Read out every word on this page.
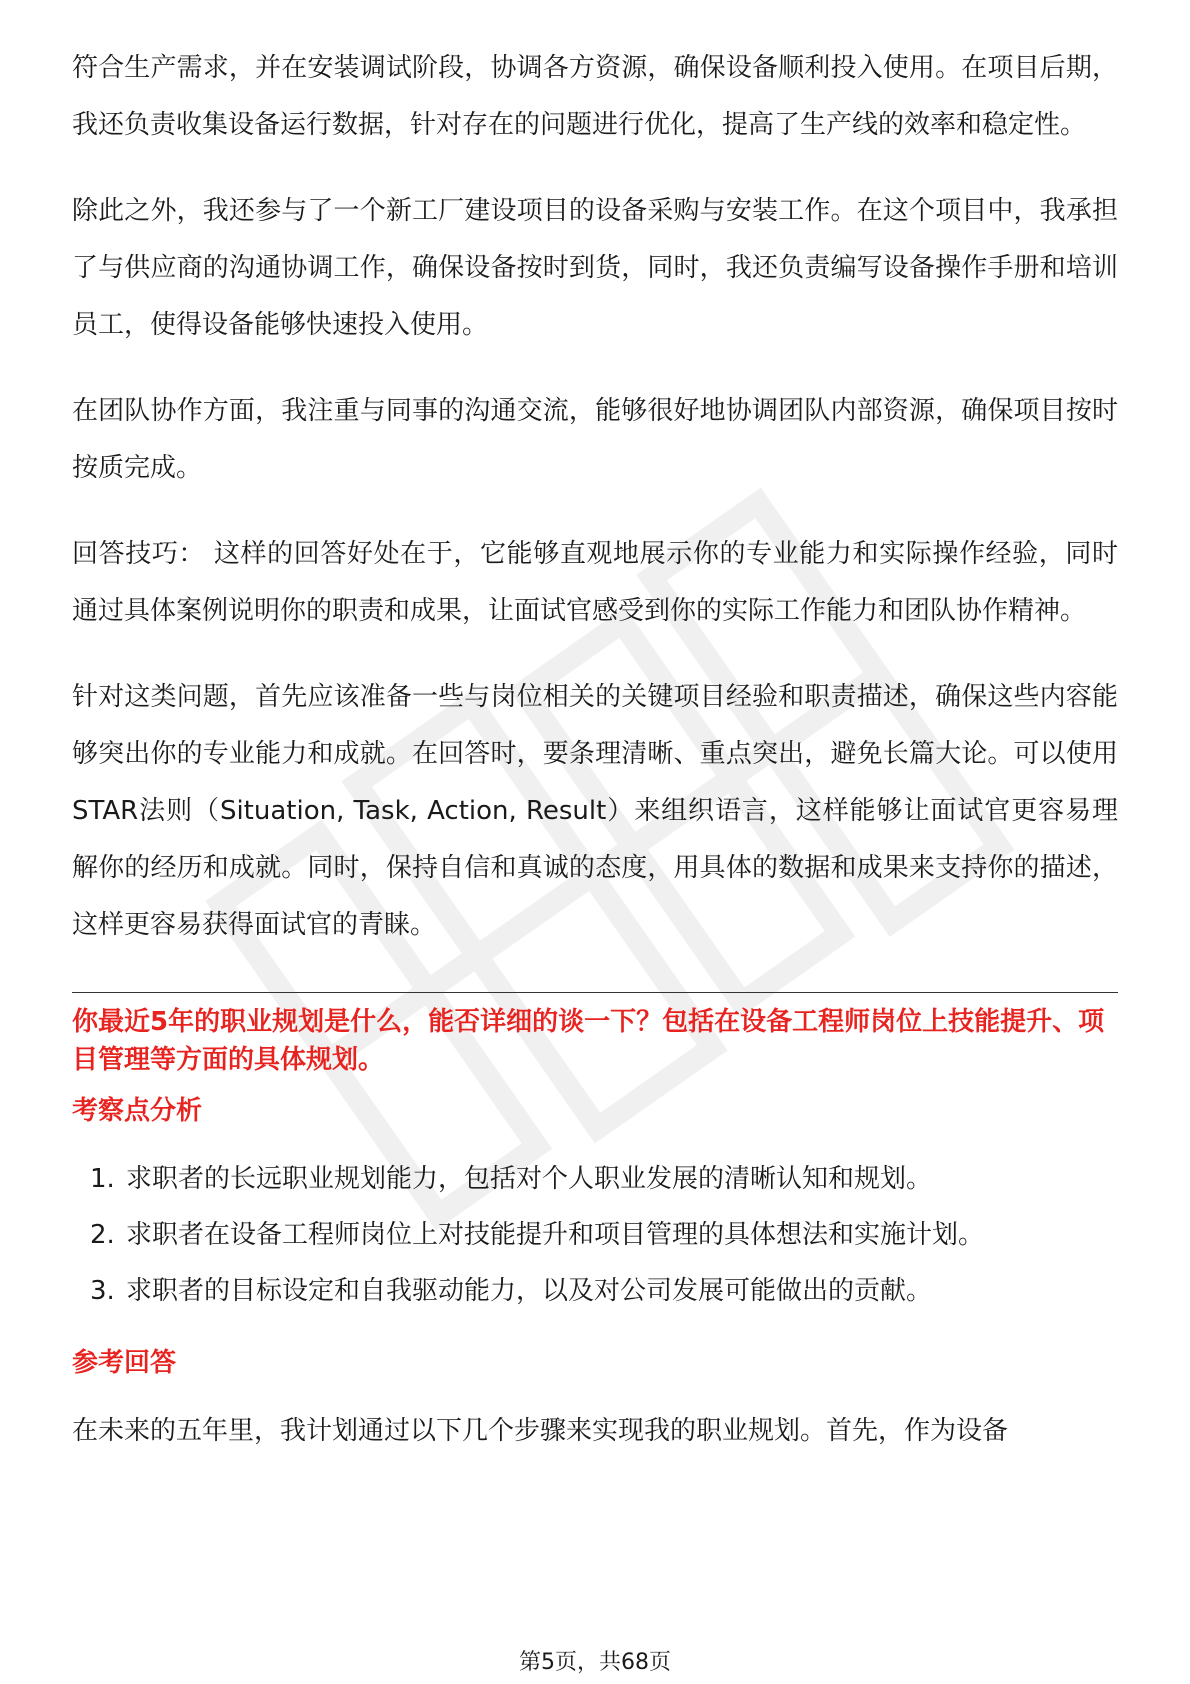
符合生产需求，并在安装调试阶段，协调各方资源，确保设备顺利投入使用。在项目后期，我还负责收集设备运行数据，针对存在的问题进行优化，提高了生产线的效率和稳定性。

除此之外，我还参与了一个新工厂建设项目的设备采购与安装工作。在这个项目中，我承担了与供应商的沟通协调工作，确保设备按时到货，同时，我还负责编写设备操作手册和培训员工，使得设备能够快速投入使用。

在团队协作方面，我注重与同事的沟通交流，能够很好地协调团队内部资源，确保项目按时按质完成。

回答技巧： 这样的回答好处在于，它能够直观地展示你的专业能力和实际操作经验，同时通过具体案例说明你的职责和成果，让面试官感受到你的实际工作能力和团队协作精神。

针对这类问题，首先应该准备一些与岗位相关的关键项目经验和职责描述，确保这些内容能够突出你的专业能力和成就。在回答时，要条理清晰、重点突出，避免长篇大论。可以使用STAR法则（Situation, Task, Action, Result）来组织语言，这样能够让面试官更容易理解你的经历和成就。同时，保持自信和真诚的态度，用具体的数据和成果来支持你的描述，这样更容易获得面试官的青睐。

你最近5年的职业规划是什么，能否详细的谈一下？包括在设备工程师岗位上技能提升、项目管理等方面的具体规划。

考察点分析
1. 求职者的长远职业规划能力，包括对个人职业发展的清晰认知和规划。
2. 求职者在设备工程师岗位上对技能提升和项目管理的具体想法和实施计划。
3. 求职者的目标设定和自我驱动能力，以及对公司发展可能做出的贡献。
参考回答

在未来的五年里，我计划通过以下几个步骤来实现我的职业规划。首先，作为设备

第5页，共68页
